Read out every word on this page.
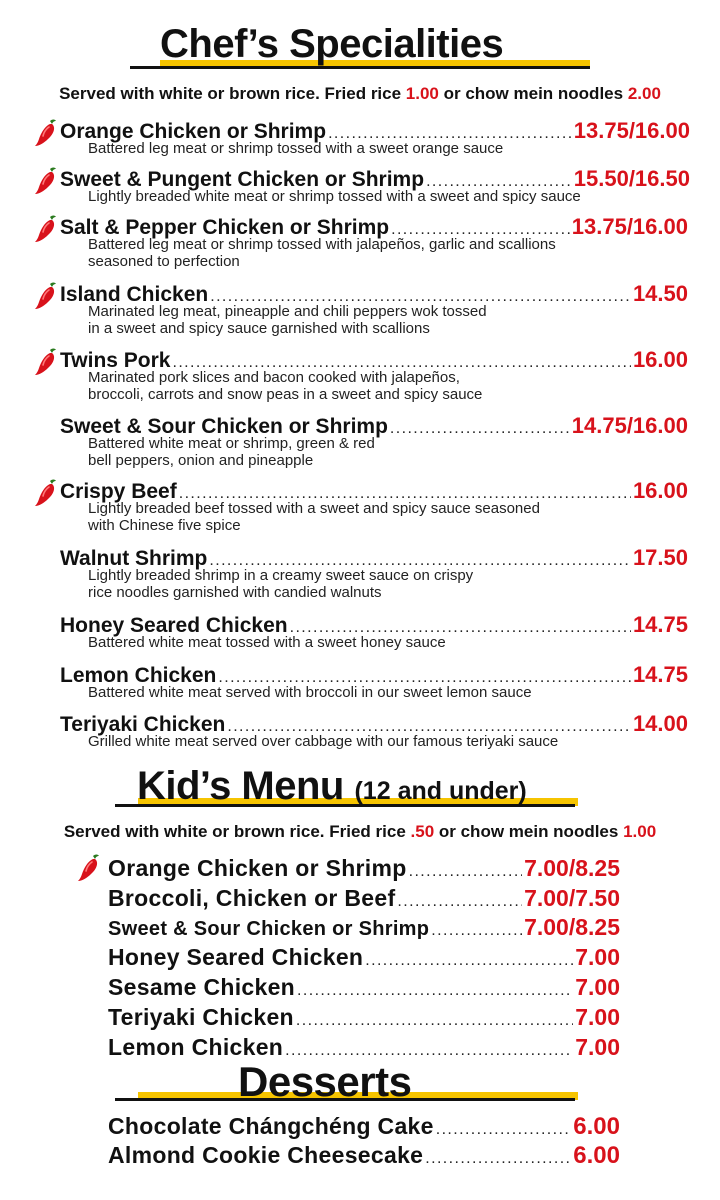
Chef’s Specialities
Served with white or brown rice. Fried rice 1.00 or chow mein noodles 2.00
Orange Chicken or Shrimp .....	13.75/16.00
Battered leg meat or shrimp tossed with a sweet orange sauce
Sweet & Pungent Chicken or Shrimp .....	15.50/16.50
Lightly breaded white meat or shrimp tossed with a sweet and spicy sauce
Salt & Pepper Chicken or Shrimp .....	13.75/16.00
Battered leg meat or shrimp tossed with jalapeños, garlic and scallions
seasoned to perfection
Island Chicken .....	14.50
Marinated leg meat, pineapple and chili peppers wok tossed
in a sweet and spicy sauce garnished with scallions
Twins Pork .....	16.00
Marinated pork slices and bacon cooked with jalapeños,
broccoli, carrots and snow peas in a sweet and spicy sauce
Sweet & Sour Chicken or Shrimp .....	14.75/16.00
Battered white meat or shrimp, green & red
bell peppers, onion and pineapple
Crispy Beef .....	16.00
Lightly breaded beef tossed with a sweet and spicy sauce seasoned
with Chinese five spice
Walnut Shrimp .....	17.50
Lightly breaded shrimp in a creamy sweet sauce on crispy
rice noodles garnished with candied walnuts
Honey Seared Chicken .....	14.75
Battered white meat tossed with a sweet honey sauce
Lemon Chicken .....	14.75
Battered white meat served with broccoli in our sweet lemon sauce
Teriyaki Chicken .....	14.00
Grilled white meat served over cabbage with our famous teriyaki sauce
Kid’s Menu (12 and under)
Served with white or brown rice. Fried rice .50 or chow mein noodles 1.00
Orange Chicken or Shrimp .....	7.00/8.25
Broccoli, Chicken or Beef .....	7.00/7.50
Sweet & Sour Chicken or Shrimp .....	7.00/8.25
Honey Seared Chicken .....	7.00
Sesame Chicken .....	7.00
Teriyaki Chicken .....	7.00
Lemon Chicken .....	7.00
Desserts
Chocolate Chángchéng Cake .....	6.00
Almond Cookie Cheesecake .....	6.00
